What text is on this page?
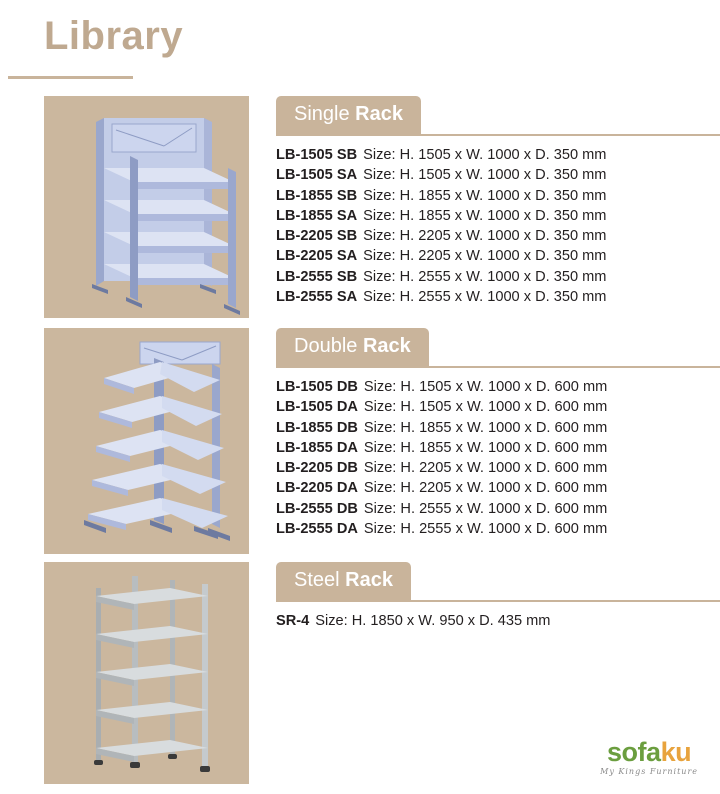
Library
Single Rack
LB-1505 SB Size: H. 1505 x W. 1000 x D. 350 mm
LB-1505 SA Size: H. 1505 x W. 1000 x D. 350 mm
LB-1855 SB Size: H. 1855 x W. 1000 x D. 350 mm
LB-1855 SA Size: H. 1855 x W. 1000 x D. 350 mm
LB-2205 SB Size: H. 2205 x W. 1000 x D. 350 mm
LB-2205 SA Size: H. 2205 x W. 1000 x D. 350 mm
LB-2555 SB Size: H. 2555 x W. 1000 x D. 350 mm
LB-2555 SA Size: H. 2555 x W. 1000 x D. 350 mm
Double Rack
LB-1505 DB Size: H. 1505 x W. 1000 x D. 600 mm
LB-1505 DA Size: H. 1505 x W. 1000 x D. 600 mm
LB-1855 DB Size: H. 1855 x W. 1000 x D. 600 mm
LB-1855 DA Size: H. 1855 x W. 1000 x D. 600 mm
LB-2205 DB Size: H. 2205 x W. 1000 x D. 600 mm
LB-2205 DA Size: H. 2205 x W. 1000 x D. 600 mm
LB-2555 DB Size: H. 2555 x W. 1000 x D. 600 mm
LB-2555 DA Size: H. 2555 x W. 1000 x D. 600 mm
Steel Rack
SR-4 Size: H. 1850 x W. 950 x D. 435 mm
sofaku
My Kings Furniture
